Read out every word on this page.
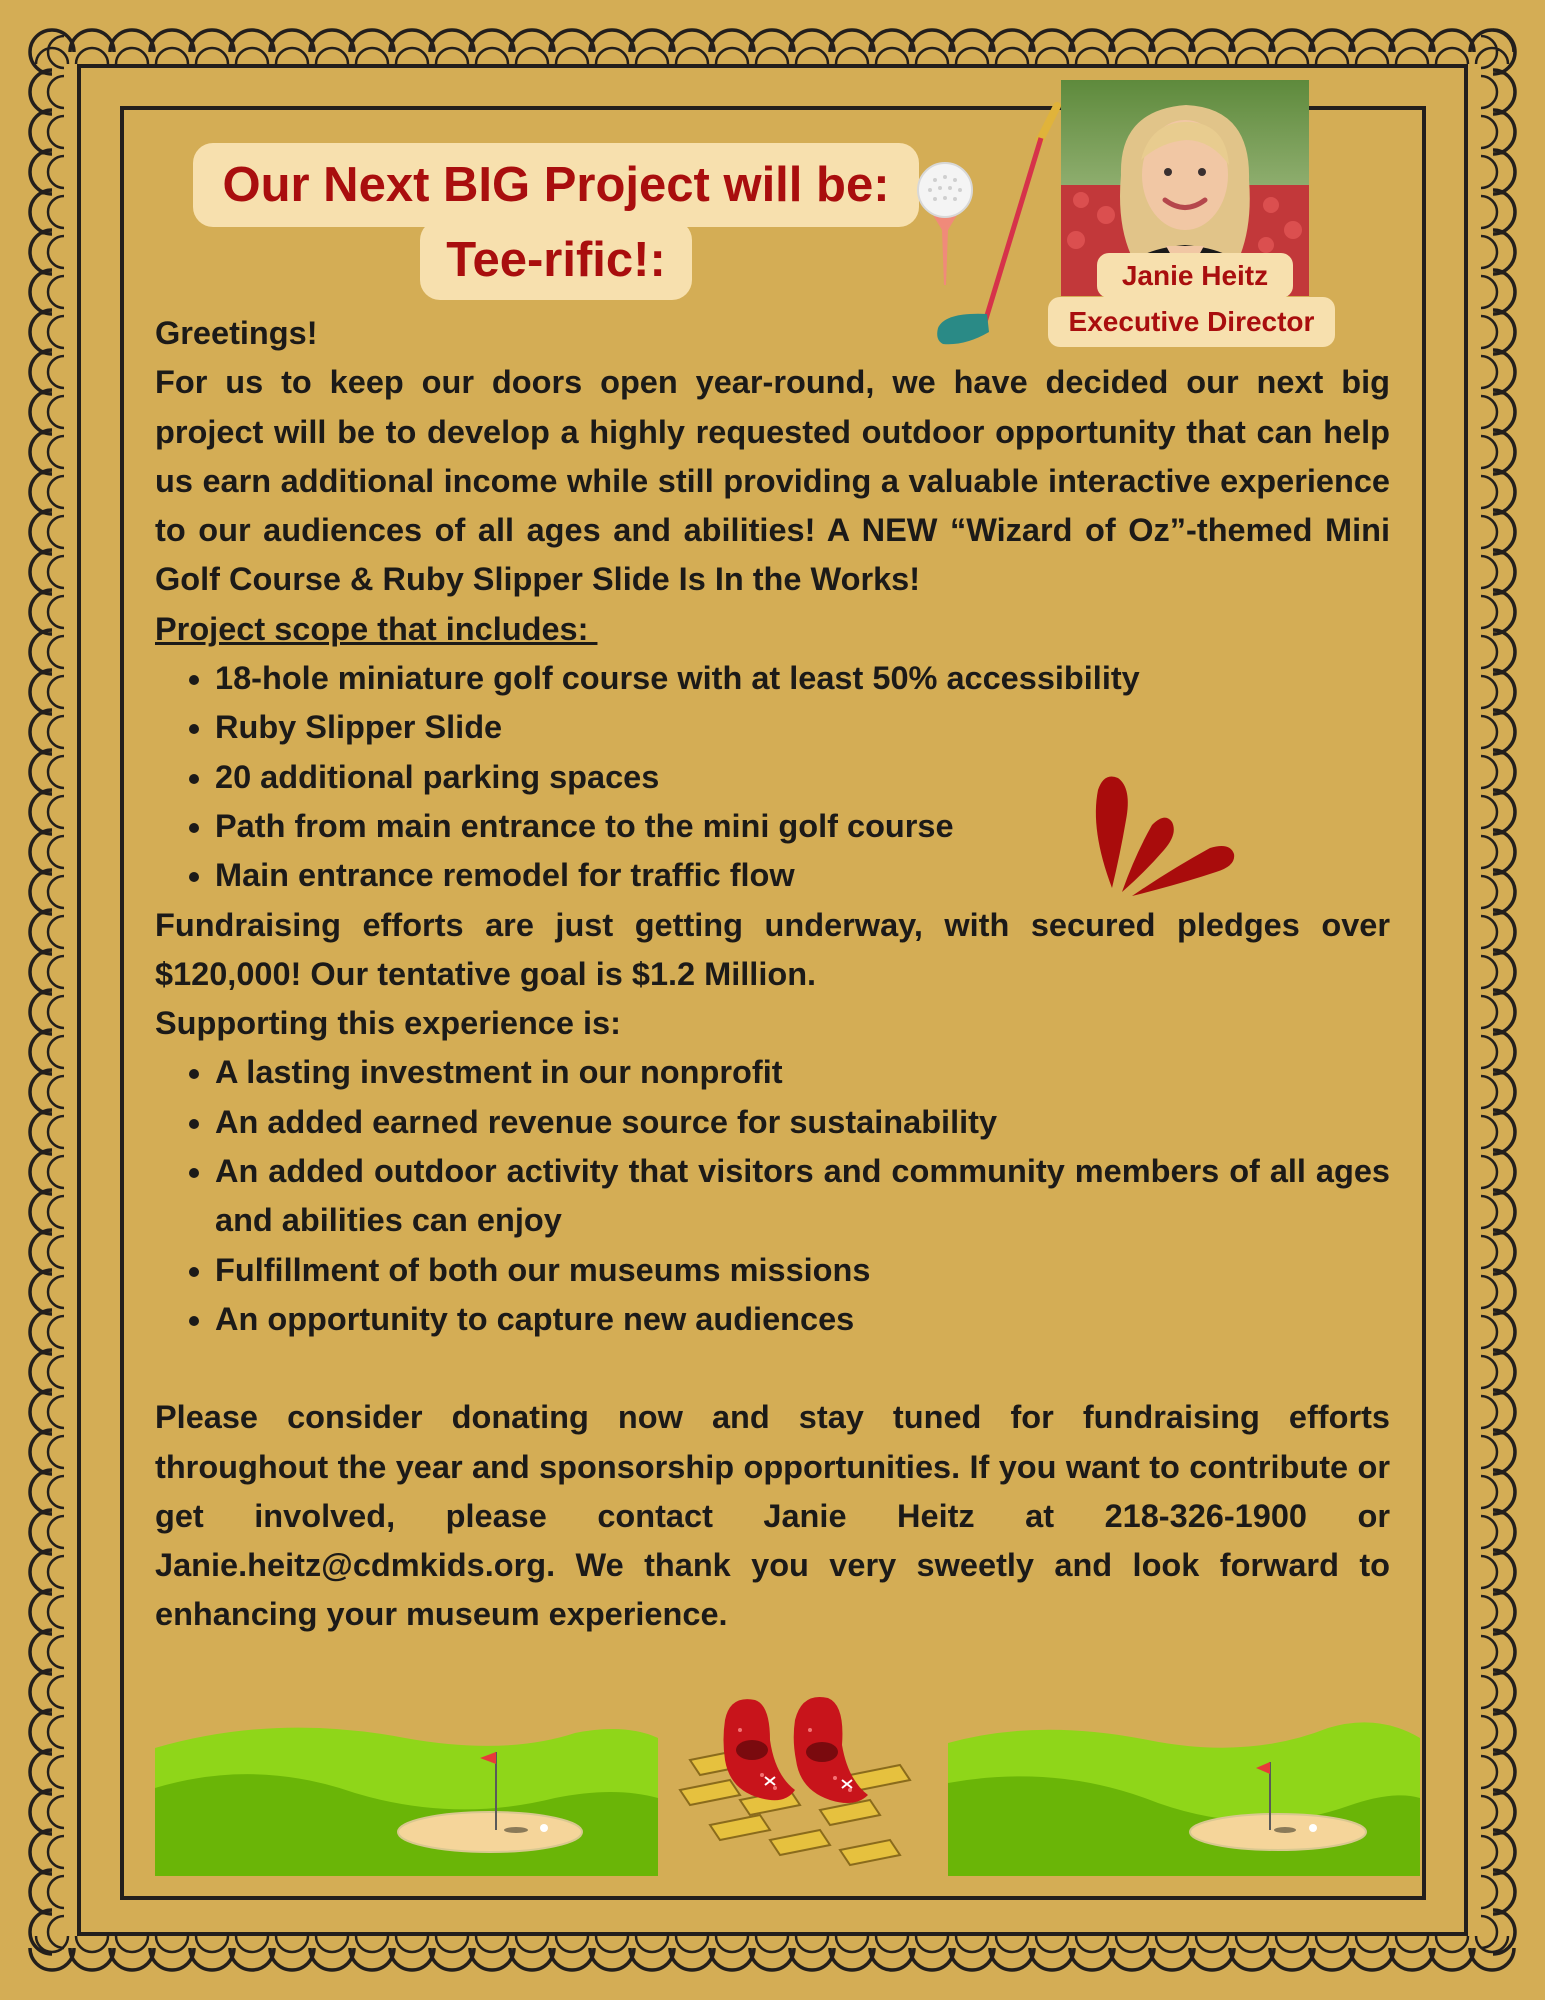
Our Next BIG Project will be:
Tee-rific!:	Janie Heitz
Executive Director

Greetings!

For us to keep our doors open year-round, we have decided our next big project will be to develop a highly requested outdoor opportunity that can help us earn additional income while still providing a valuable interactive experience to our audiences of all ages and abilities! A NEW “Wizard of Oz”-themed Mini Golf Course & Ruby Slipper Slide Is In the Works!

Project scope that includes:

• 18-hole miniature golf course with at least 50% accessibility
• Ruby Slipper Slide
• 20 additional parking spaces
• Path from main entrance to the mini golf course
• Main entrance remodel for traffic flow

Fundraising efforts are just getting underway, with secured pledges over $120,000! Our tentative goal is $1.2 Million.

Supporting this experience is:

• A lasting investment in our nonprofit
• An added earned revenue source for sustainability
• An added outdoor activity that visitors and community members of all ages and abilities can enjoy
• Fulfillment of both our museums missions
• An opportunity to capture new audiences

Please consider donating now and stay tuned for fundraising efforts throughout the year and sponsorship opportunities. If you want to contribute or get involved, please contact Janie Heitz at 218-326-1900 or Janie.heitz@cdmkids.org. We thank you very sweetly and look forward to enhancing your museum experience.
